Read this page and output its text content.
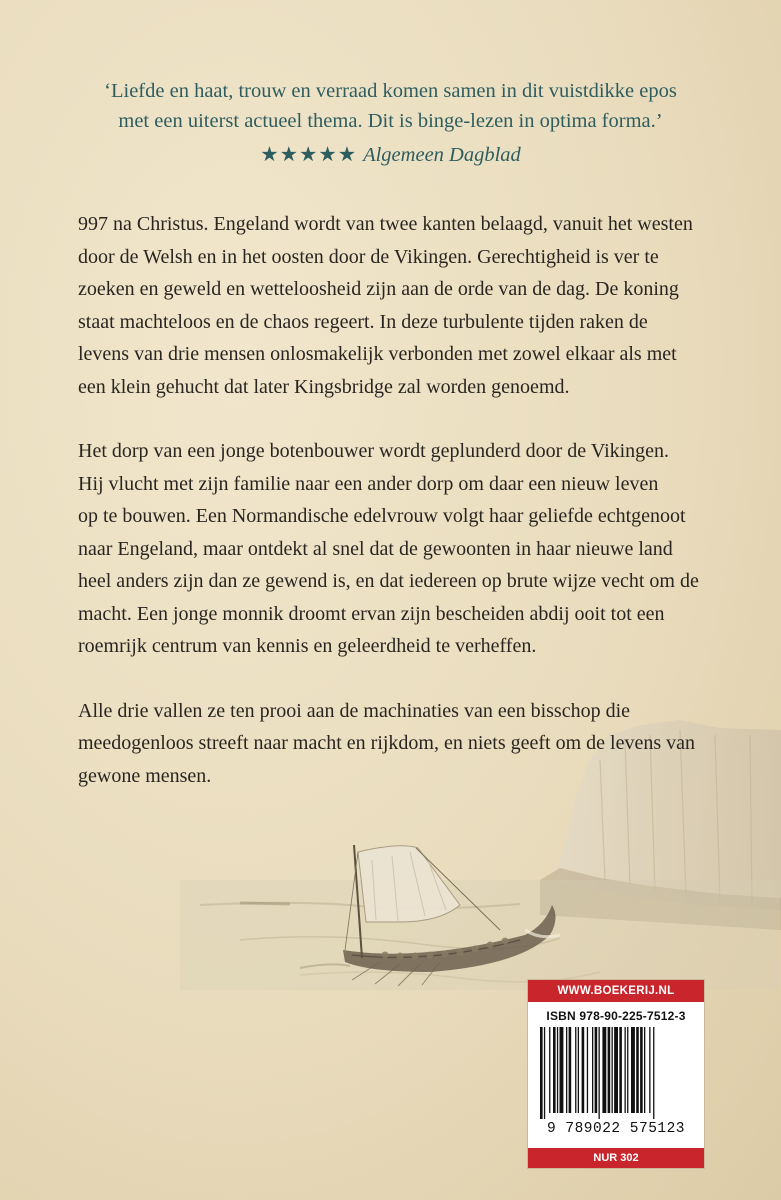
‘Liefde en haat, trouw en verraad komen samen in dit vuistdikke epos
met een uiterst actueel thema. Dit is binge-lezen in optima forma.’
★★★★★ Algemeen Dagblad

997 na Christus. Engeland wordt van twee kanten belaagd, vanuit het westen
door de Welsh en in het oosten door de Vikingen. Gerechtigheid is ver te
zoeken en geweld en wetteloosheid zijn aan de orde van de dag. De koning
staat machteloos en de chaos regeert. In deze turbulente tijden raken de
levens van drie mensen onlosmakelijk verbonden met zowel elkaar als met
een klein gehucht dat later Kingsbridge zal worden genoemd.

Het dorp van een jonge botenbouwer wordt geplunderd door de Vikingen.
Hij vlucht met zijn familie naar een ander dorp om daar een nieuw leven
op te bouwen. Een Normandische edelvrouw volgt haar geliefde echtgenoot
naar Engeland, maar ontdekt al snel dat de gewoonten in haar nieuwe land
heel anders zijn dan ze gewend is, en dat iedereen op brute wijze vecht om de
macht. Een jonge monnik droomt ervan zijn bescheiden abdij ooit tot een
roemrijk centrum van kennis en geleerdheid te verheffen.

Alle drie vallen ze ten prooi aan de machinaties van een bisschop die
meedogenloos streeft naar macht en rijkdom, en niets geeft om de levens van
gewone mensen.

WWW.BOEKERIJ.NL
ISBN 978-90-225-7512-3
9 789022 575123
NUR 302
